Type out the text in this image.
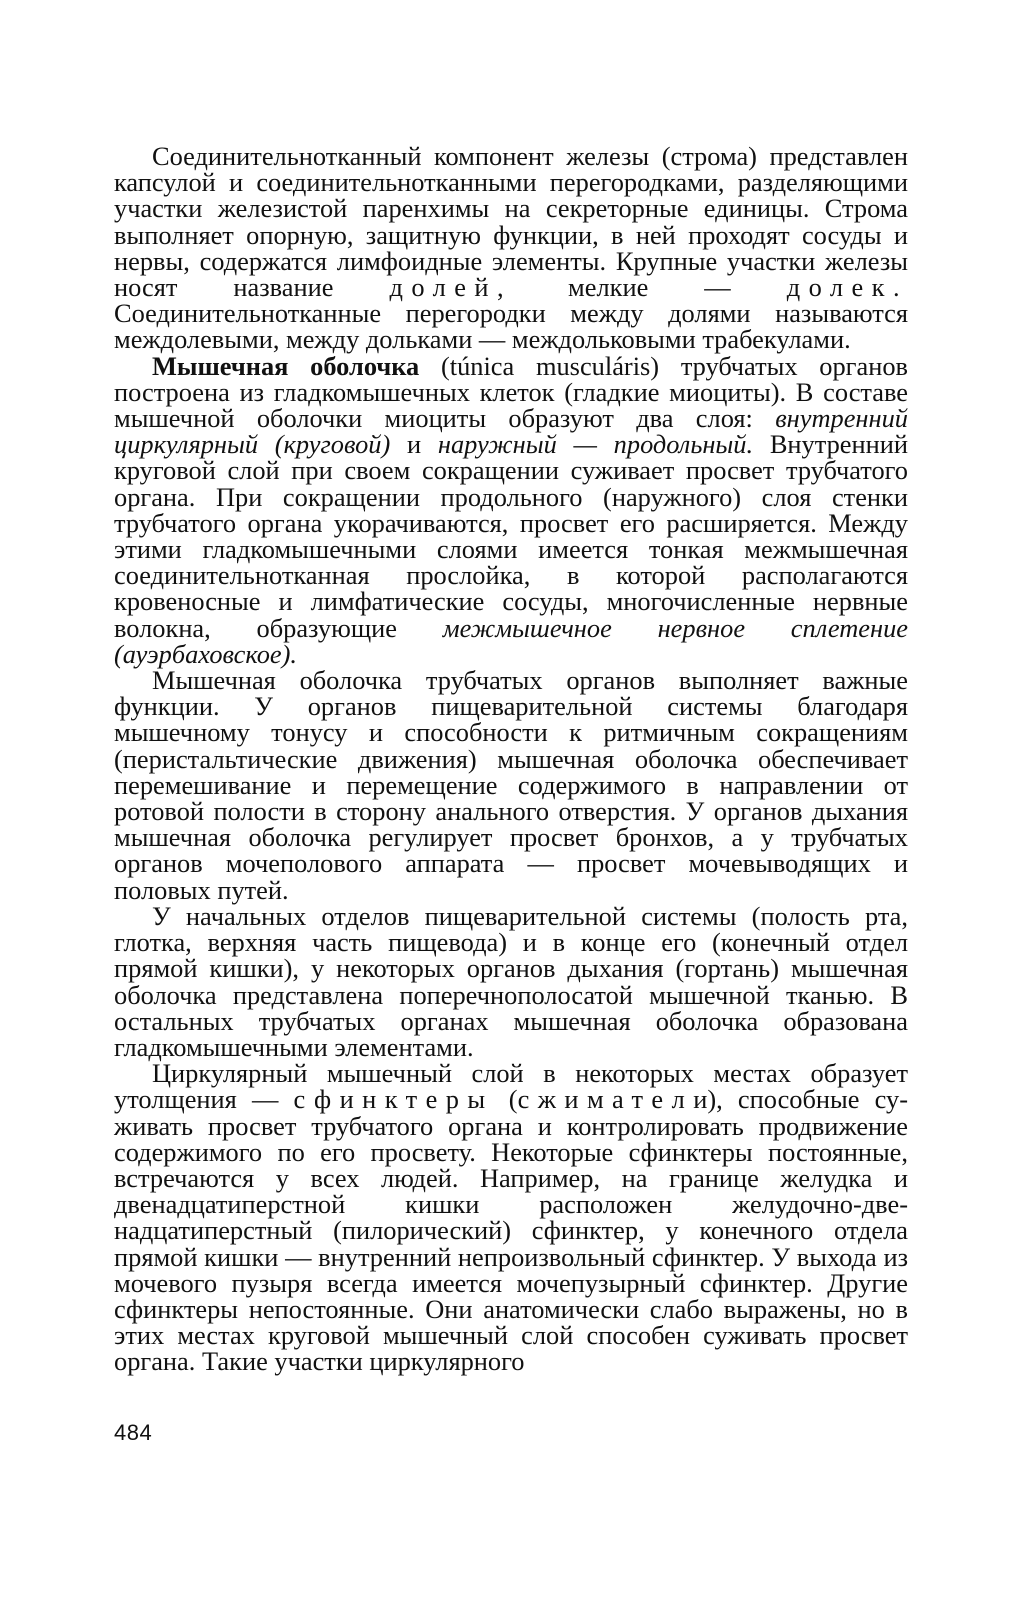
Соединительнотканный компонент железы (строма) представлен капсулой и соединительнотканными перегородками, разделяющими участки железистой паренхимы на секреторные единицы. Строма выполняет опорную, защитную функции, в ней проходят сосуды и нервы, содержатся лимфоидные элементы. Крупные участки железы носят название долей, мелкие — долек. Соединительнотканные перегородки между долями называются междолевыми, между дольками — междольковыми трабекулами.

Мышечная оболочка (túnica musculáris) трубчатых органов построена из гладкомышечных клеток (гладкие миоциты). В составе мышечной оболочки миоциты образуют два слоя: внутренний циркулярный (круговой) и наружный — продольный. Внутренний круговой слой при своем сокращении суживает просвет трубчатого органа. При сокращении продольного (наружного) слоя стенки трубчатого органа укорачиваются, просвет его расширяется. Между этими гладкомышечными слоями имеется тонкая межмышечная соединительнотканная прослойка, в которой располагаются кровеносные и лимфатические сосуды, многочисленные нервные волокна, образующие межмышечное нервное сплетение (ауэрбаховское).

Мышечная оболочка трубчатых органов выполняет важные функции. У органов пищеварительной системы благодаря мышечному тонусу и способности к ритмичным сокращениям (перистальтические движения) мышечная оболочка обеспечивает перемешивание и перемещение содержимого в направлении от ротовой полости в сторону анального отверстия. У органов дыхания мышечная оболочка регулирует просвет бронхов, а у трубчатых органов мочеполового аппарата — просвет мочевыводящих и половых путей.

У начальных отделов пищеварительной системы (полость рта, глотка, верхняя часть пищевода) и в конце его (конечный отдел прямой кишки), у некоторых органов дыхания (гортань) мышечная оболочка представлена поперечнополосатой мышечной тканью. В остальных трубчатых органах мышечная оболочка образована гладкомышечными элементами.

Циркулярный мышечный слой в некоторых местах образует утолщения — сфинктеры (сжиматели), способные суживать просвет трубчатого органа и контролировать продвижение содержимого по его просвету. Некоторые сфинктеры постоянные, встречаются у всех людей. Например, на границе желудка и двенадцатиперстной кишки расположен желудочно-двенадцатиперстный (пилорический) сфинктер, у конечного отдела прямой кишки — внутренний непроизвольный сфинктер. У выхода из мочевого пузыря всегда имеется мочепузырный сфинктер. Другие сфинктеры непостоянные. Они анатомически слабо выражены, но в этих местах круговой мышечный слой способен суживать просвет органа. Такие участки циркулярного

484
